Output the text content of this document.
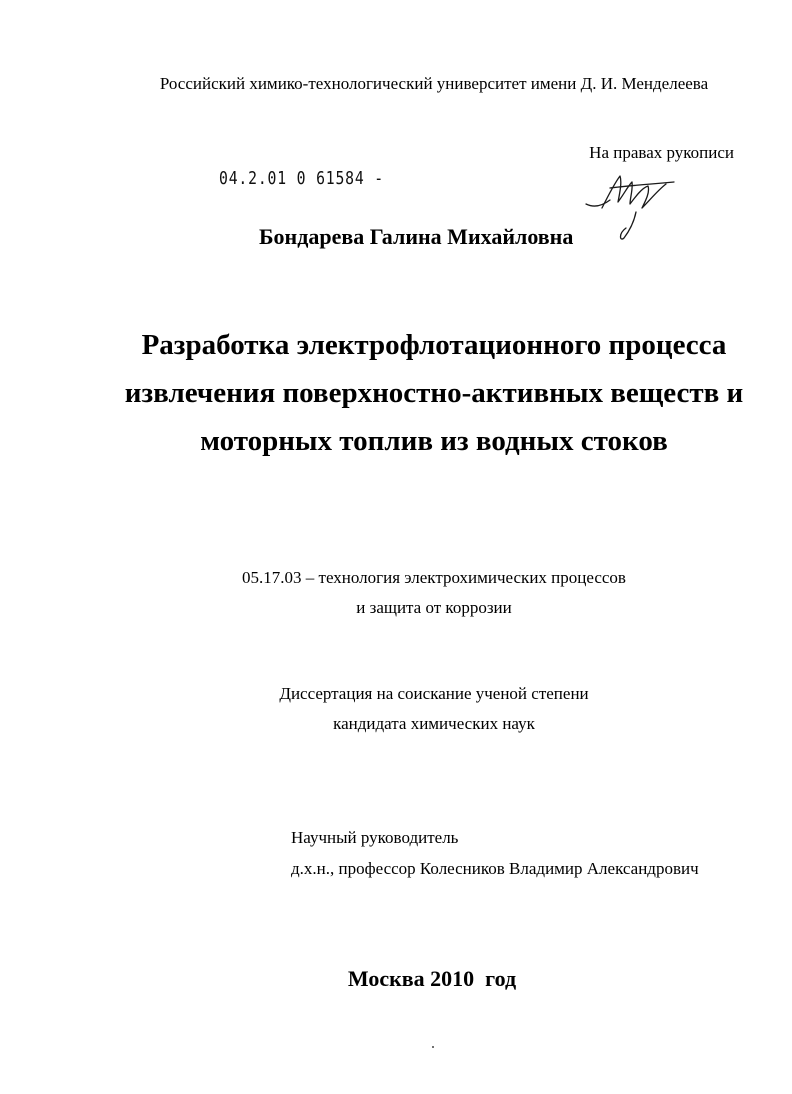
Российский химико-технологический университет имени Д. И. Менделеева
На правах рукописи
04.2.01 0 61584 -
Бондарева Галина Михайловна
Разработка электрофлотационного процесса
извлечения поверхностно-активных веществ и
моторных топлив из водных стоков
05.17.03 – технология электрохимических процессов
и защита от коррозии
Диссертация на соискание ученой степени
кандидата химических наук
Научный руководитель
д.х.н., профессор Колесников Владимир Александрович
Москва 2010  год
